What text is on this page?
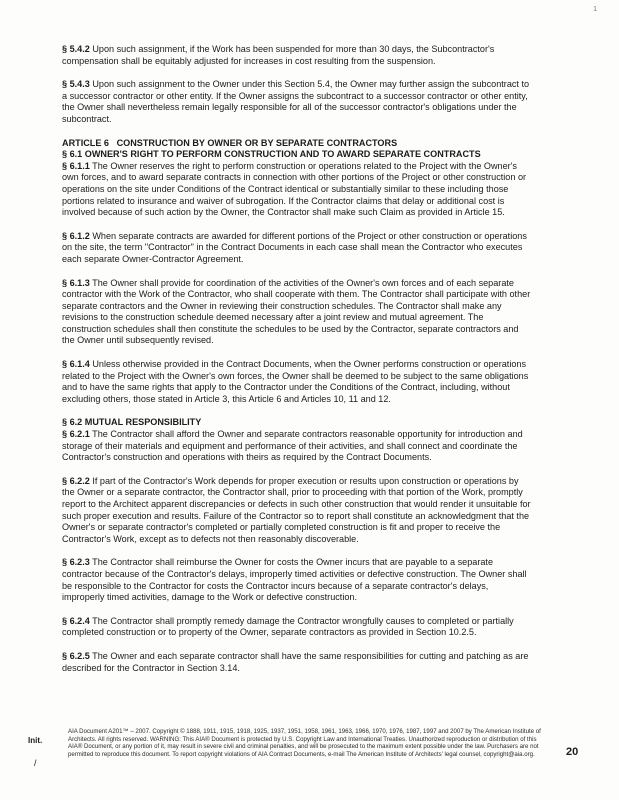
1

§ 5.4.2 Upon such assignment, if the Work has been suspended for more than 30 days, the Subcontractor's compensation shall be equitably adjusted for increases in cost resulting from the suspension.

§ 5.4.3 Upon such assignment to the Owner under this Section 5.4, the Owner may further assign the subcontract to a successor contractor or other entity. If the Owner assigns the subcontract to a successor contractor or other entity, the Owner shall nevertheless remain legally responsible for all of the successor contractor's obligations under the subcontract.

ARTICLE 6   CONSTRUCTION BY OWNER OR BY SEPARATE CONTRACTORS
§ 6.1 OWNER'S RIGHT TO PERFORM CONSTRUCTION AND TO AWARD SEPARATE CONTRACTS

§ 6.1.1 The Owner reserves the right to perform construction or operations related to the Project with the Owner's own forces, and to award separate contracts in connection with other portions of the Project or other construction or operations on the site under Conditions of the Contract identical or substantially similar to these including those portions related to insurance and waiver of subrogation. If the Contractor claims that delay or additional cost is involved because of such action by the Owner, the Contractor shall make such Claim as provided in Article 15.

§ 6.1.2 When separate contracts are awarded for different portions of the Project or other construction or operations on the site, the term "Contractor" in the Contract Documents in each case shall mean the Contractor who executes each separate Owner-Contractor Agreement.

§ 6.1.3 The Owner shall provide for coordination of the activities of the Owner's own forces and of each separate contractor with the Work of the Contractor, who shall cooperate with them. The Contractor shall participate with other separate contractors and the Owner in reviewing their construction schedules. The Contractor shall make any revisions to the construction schedule deemed necessary after a joint review and mutual agreement. The construction schedules shall then constitute the schedules to be used by the Contractor, separate contractors and the Owner until subsequently revised.

§ 6.1.4 Unless otherwise provided in the Contract Documents, when the Owner performs construction or operations related to the Project with the Owner's own forces, the Owner shall be deemed to be subject to the same obligations and to have the same rights that apply to the Contractor under the Conditions of the Contract, including, without excluding others, those stated in Article 3, this Article 6 and Articles 10, 11 and 12.

§ 6.2 MUTUAL RESPONSIBILITY

§ 6.2.1 The Contractor shall afford the Owner and separate contractors reasonable opportunity for introduction and storage of their materials and equipment and performance of their activities, and shall connect and coordinate the Contractor's construction and operations with theirs as required by the Contract Documents.

§ 6.2.2 If part of the Contractor's Work depends for proper execution or results upon construction or operations by the Owner or a separate contractor, the Contractor shall, prior to proceeding with that portion of the Work, promptly report to the Architect apparent discrepancies or defects in such other construction that would render it unsuitable for such proper execution and results. Failure of the Contractor so to report shall constitute an acknowledgment that the Owner's or separate contractor's completed or partially completed construction is fit and proper to receive the Contractor's Work, except as to defects not then reasonably discoverable.

§ 6.2.3 The Contractor shall reimburse the Owner for costs the Owner incurs that are payable to a separate contractor because of the Contractor's delays, improperly timed activities or defective construction. The Owner shall be responsible to the Contractor for costs the Contractor incurs because of a separate contractor's delays, improperly timed activities, damage to the Work or defective construction.

§ 6.2.4 The Contractor shall promptly remedy damage the Contractor wrongfully causes to completed or partially completed construction or to property of the Owner, separate contractors as provided in Section 10.2.5.

§ 6.2.5 The Owner and each separate contractor shall have the same responsibilities for cutting and patching as are described for the Contractor in Section 3.14.

Init.
/
AIA Document A201™ – 2007. Copyright © 1888, 1911, 1915, 1918, 1925, 1937, 1951, 1958, 1961, 1963, 1966, 1970, 1976, 1987, 1997 and 2007 by The American Institute of Architects. All rights reserved. WARNING: This AIA® Document is protected by U.S. Copyright Law and International Treaties. Unauthorized reproduction or distribution of this AIA® Document, or any portion of it, may result in severe civil and criminal penalties, and will be prosecuted to the maximum extent possible under the law. Purchasers are not permitted to reproduce this document. To report copyright violations of AIA Contract Documents, e-mail The American Institute of Architects' legal counsel, copyright@aia.org.	20
